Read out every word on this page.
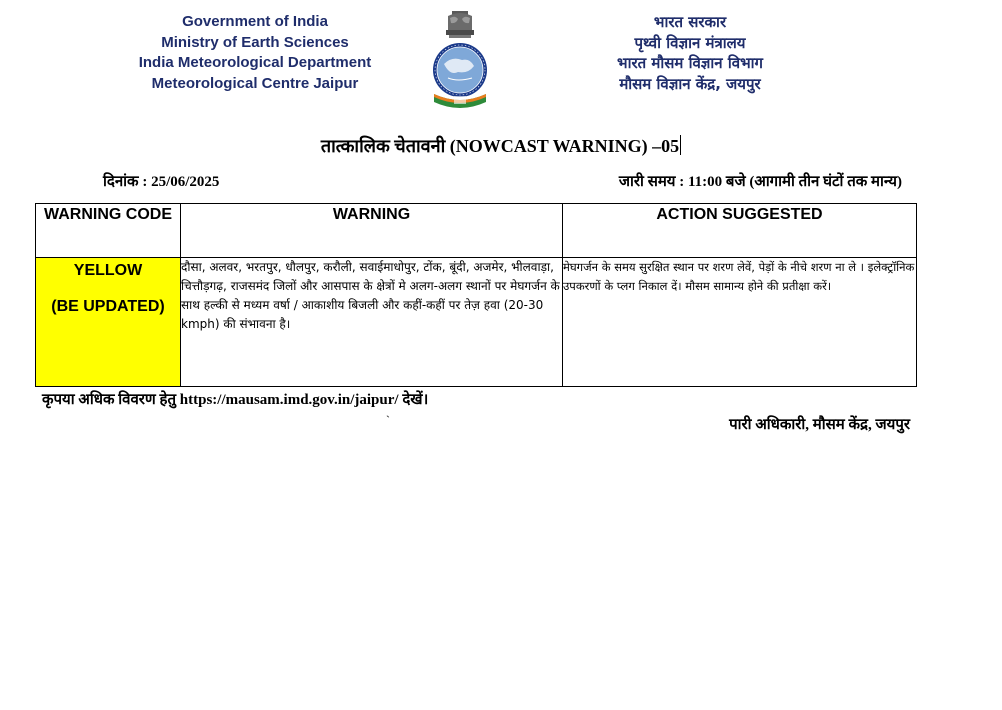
Government of India
Ministry of Earth Sciences
India Meteorological Department
Meteorological Centre Jaipur
भारत सरकार
पृथ्वी विज्ञान मंत्रालय
भारत मौसम विज्ञान विभाग
मौसम विज्ञान केंद्र, जयपुर
तात्कालिक चेतावनी (NOWCAST WARNING) –05
दिनांक : 25/06/2025	जारी समय : 11:00 बजे (आगामी तीन घंटों तक मान्य)
WARNING CODE	WARNING	ACTION SUGGESTED

YELLOW
(BE UPDATED)	दौसा, अलवर, भरतपुर, धौलपुर, करौली, सवाईमाधोपुर, टोंक, बूंदी, अजमेर, भीलवाड़ा, चित्तौड़गढ़, राजसमंद जिलों और आसपास के क्षेत्रों मे अलग-अलग स्थानों पर मेघगर्जन के साथ हल्की से मध्यम वर्षा / आकाशीय बिजली और कहीं-कहीं पर तेज़ हवा (20-30 kmph) की संभावना है।	मेघगर्जन के समय सुरक्षित स्थान पर शरण लेवें, पेड़ों के नीचे शरण ना ले । इलेक्ट्रॉनिक उपकरणों के प्लग निकाल दें। मौसम सामान्य होने की प्रतीक्षा करें।
कृपया अधिक विवरण हेतु https://mausam.imd.gov.in/jaipur/ देखें।
`	पारी अधिकारी, मौसम केंद्र, जयपुर
